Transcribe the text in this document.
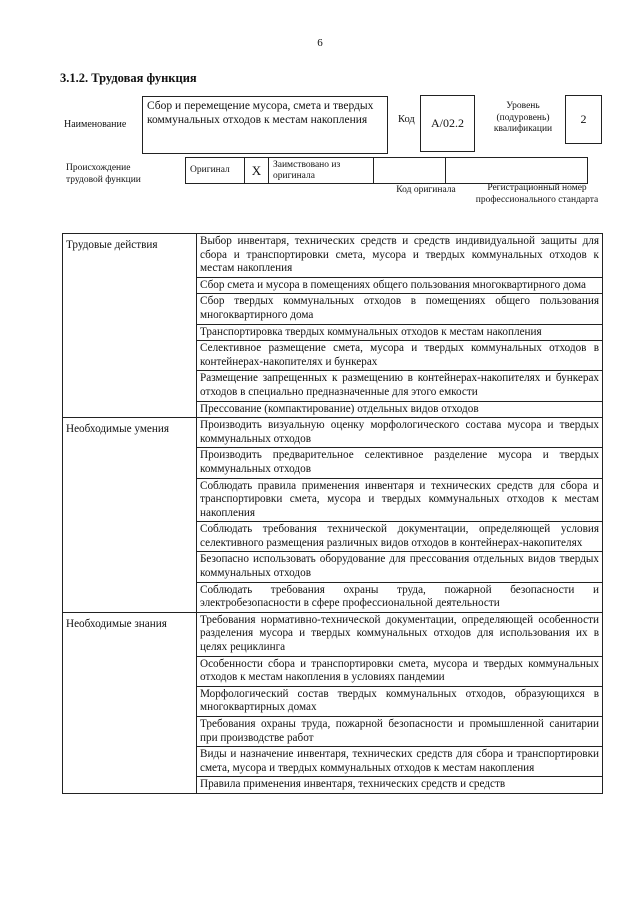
6
3.1.2. Трудовая функция
Наименование
Сбор и перемещение мусора, смета и твердых коммунальных отходов к местам накопления	Код	А/02.2
Уровень (подуровень) квалификации
2
Происхождение трудовой функции
Оригинал	X	Заимствовано из оригинала		
Код оригинала	Регистрационный номер профессионального стандарта
Трудовые действия	Выбор инвентаря, технических средств и средств индивидуальной защиты для сбора и транспортировки смета, мусора и твердых коммунальных отходов к местам накопления
	Сбор смета и мусора в помещениях общего пользования многоквартирного дома
	Сбор твердых коммунальных отходов в помещениях общего пользования многоквартирного дома
	Транспортировка твердых коммунальных отходов к местам накопления
	Селективное размещение смета, мусора и твердых коммунальных отходов в контейнерах-накопителях и бункерах
	Размещение запрещенных к размещению в контейнерах-накопителях и бункерах отходов в специально предназначенные для этого емкости
	Прессование (компактирование) отдельных видов отходов
Необходимые умения	Производить визуальную оценку морфологического состава мусора и твердых коммунальных отходов
	Производить предварительное селективное разделение мусора и твердых коммунальных отходов
	Соблюдать правила применения инвентаря и технических средств для сбора и транспортировки смета, мусора и твердых коммунальных отходов к местам накопления
	Соблюдать требования технической документации, определяющей условия селективного размещения различных видов отходов в контейнерах-накопителях
	Безопасно использовать оборудование для прессования отдельных видов твердых коммунальных отходов
	Соблюдать требования охраны труда, пожарной безопасности и электробезопасности в сфере профессиональной деятельности
Необходимые знания	Требования нормативно-технической документации, определяющей особенности разделения мусора и твердых коммунальных отходов для использования их в целях рециклинга
	Особенности сбора и транспортировки смета, мусора и твердых коммунальных отходов к местам накопления в условиях пандемии
	Морфологический состав твердых коммунальных отходов, образующихся в многоквартирных домах
	Требования охраны труда, пожарной безопасности и промышленной санитарии при производстве работ
	Виды и назначение инвентаря, технических средств для сбора и транспортировки смета, мусора и твердых коммунальных отходов к местам накопления
	Правила применения инвентаря, технических средств и средств
